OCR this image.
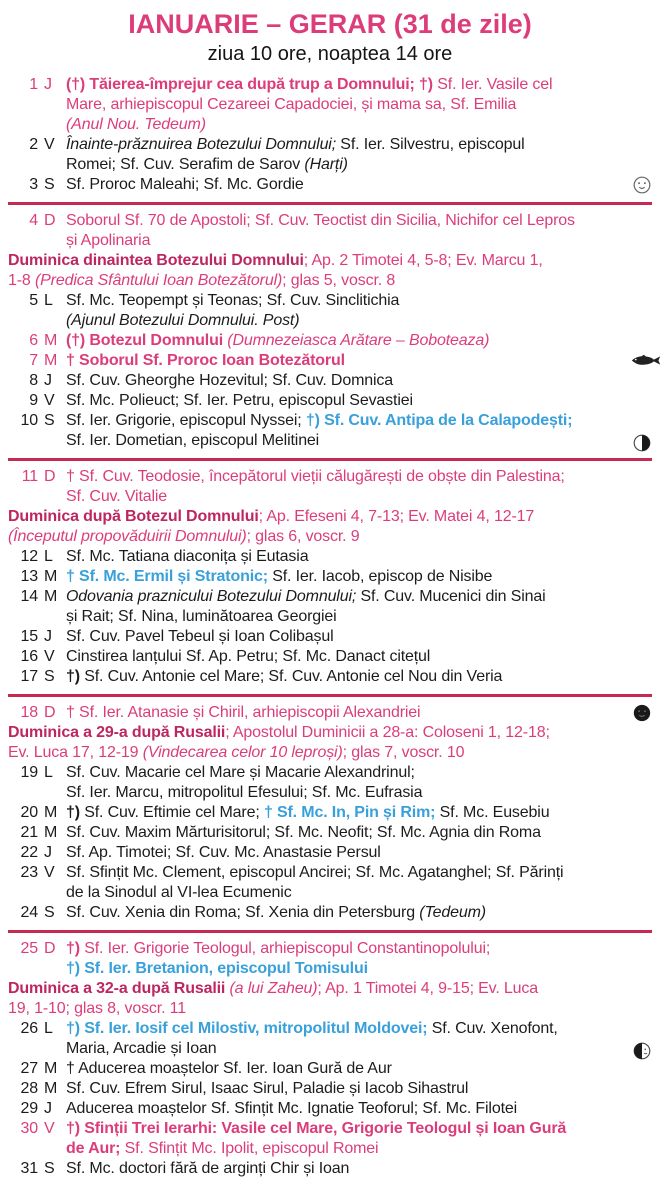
IANUARIE – GERAR (31 de zile)
ziua 10 ore, noaptea 14 ore
1 J (†) Tăierea-împrejur cea după trup a Domnului; †) Sf. Ier. Vasile cel
Mare, arhiepiscopul Cezareei Capadociei, și mama sa, Sf. Emilia
(Anul Nou. Tedeum)
2 V Înainte-prăznuirea Botezului Domnului; Sf. Ier. Silvestru, episcopul
Romei; Sf. Cuv. Serafim de Sarov (Harți)
3 S Sf. Proroc Maleahi; Sf. Mc. Gordie
4 D Soborul Sf. 70 de Apostoli; Sf. Cuv. Teoctist din Sicilia, Nichifor cel Lepros
și Apolinaria
Duminica dinaintea Botezului Domnului; Ap. 2 Timotei 4, 5-8; Ev. Marcu 1,
1-8 (Predica Sfântului Ioan Botezătorul); glas 5, voscr. 8
5 L Sf. Mc. Teopempt și Teonas; Sf. Cuv. Sinclitichia
(Ajunul Botezului Domnului. Post)
6 M (†) Botezul Domnului (Dumnezeiasca Arătare – Boboteaza)
7 M † Soborul Sf. Proroc Ioan Botezătorul
8 J Sf. Cuv. Gheorghe Hozevitul; Sf. Cuv. Domnica
9 V Sf. Mc. Polieuct; Sf. Ier. Petru, episcopul Sevastiei
10 S Sf. Ier. Grigorie, episcopul Nyssei; †) Sf. Cuv. Antipa de la Calapodești;
Sf. Ier. Dometian, episcopul Melitinei
11 D † Sf. Cuv. Teodosie, începătorul vieții călugărești de obște din Palestina;
Sf. Cuv. Vitalie
Duminica după Botezul Domnului; Ap. Efeseni 4, 7-13; Ev. Matei 4, 12-17
(Începutul propovăduirii Domnului); glas 6, voscr. 9
12 L Sf. Mc. Tatiana diaconița și Eutasia
13 M † Sf. Mc. Ermil și Stratonic; Sf. Ier. Iacob, episcop de Nisibe
14 M Odovania praznicului Botezului Domnului; Sf. Cuv. Mucenici din Sinai
și Rait; Sf. Nina, luminătoarea Georgiei
15 J Sf. Cuv. Pavel Tebeul și Ioan Colibașul
16 V Cinstirea lanțului Sf. Ap. Petru; Sf. Mc. Danact citețul
17 S †) Sf. Cuv. Antonie cel Mare; Sf. Cuv. Antonie cel Nou din Veria
18 D † Sf. Ier. Atanasie și Chiril, arhiepiscopii Alexandriei
Duminica a 29-a după Rusalii; Apostolul Duminicii a 28-a: Coloseni 1, 12-18;
Ev. Luca 17, 12-19 (Vindecarea celor 10 leproși); glas 7, voscr. 10
19 L Sf. Cuv. Macarie cel Mare și Macarie Alexandrinul;
Sf. Ier. Marcu, mitropolitul Efesului; Sf. Mc. Eufrasia
20 M †) Sf. Cuv. Eftimie cel Mare; † Sf. Mc. In, Pin și Rim; Sf. Mc. Eusebiu
21 M Sf. Cuv. Maxim Mărturisitorul; Sf. Mc. Neofit; Sf. Mc. Agnia din Roma
22 J Sf. Ap. Timotei; Sf. Cuv. Mc. Anastasie Persul
23 V Sf. Sfințit Mc. Clement, episcopul Ancirei; Sf. Mc. Agatanghel; Sf. Părinți
de la Sinodul al VI-lea Ecumenic
24 S Sf. Cuv. Xenia din Roma; Sf. Xenia din Petersburg (Tedeum)
25 D †) Sf. Ier. Grigorie Teologul, arhiepiscopul Constantinopolului;
†) Sf. Ier. Bretanion, episcopul Tomisului
Duminica a 32-a după Rusalii (a lui Zaheu); Ap. 1 Timotei 4, 9-15; Ev. Luca
19, 1-10; glas 8, voscr. 11
26 L †) Sf. Ier. Iosif cel Milostiv, mitropolitul Moldovei; Sf. Cuv. Xenofont,
Maria, Arcadie și Ioan
27 M † Aducerea moaștelor Sf. Ier. Ioan Gură de Aur
28 M Sf. Cuv. Efrem Sirul, Isaac Sirul, Paladie și Iacob Sihastrul
29 J Aducerea moaștelor Sf. Sfințit Mc. Ignatie Teoforul; Sf. Mc. Filotei
30 V †) Sfinții Trei Ierarhi: Vasile cel Mare, Grigorie Teologul și Ioan Gură
de Aur; Sf. Sfințit Mc. Ipolit, episcopul Romei
31 S Sf. Mc. doctori fără de arginți Chir și Ioan
